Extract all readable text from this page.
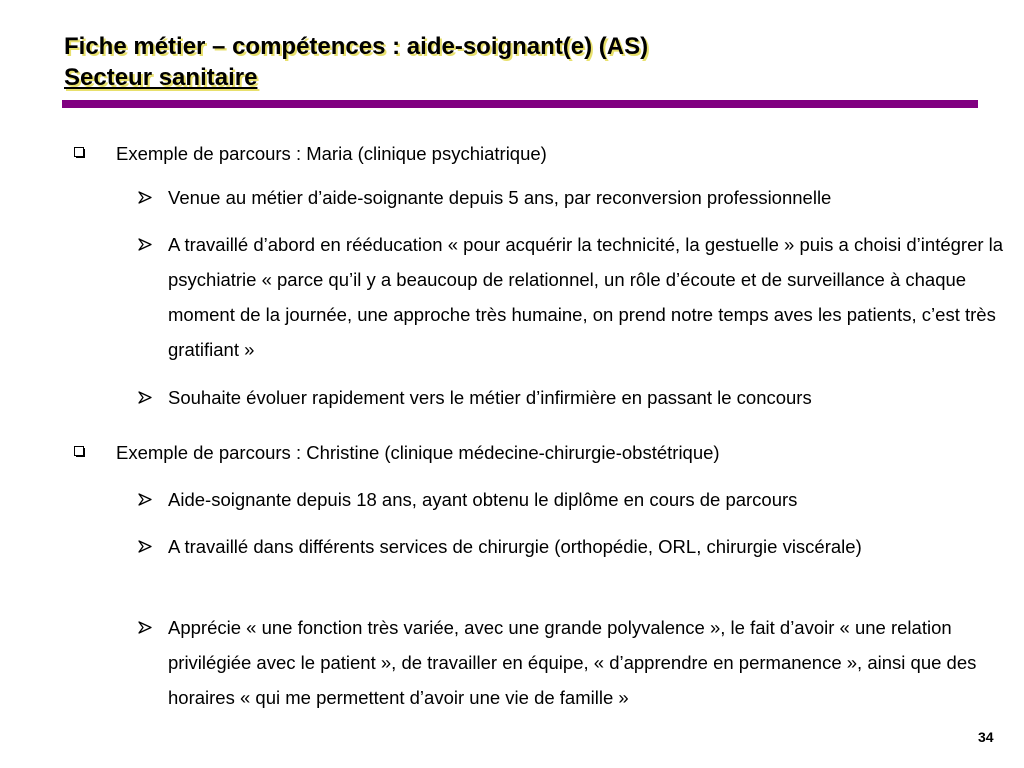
Fiche métier – compétences : aide-soignant(e) (AS)
Secteur sanitaire
Exemple de parcours : Maria (clinique psychiatrique)
Venue au métier d’aide-soignante depuis 5 ans, par reconversion professionnelle
A travaillé d’abord en rééducation « pour acquérir la technicité, la gestuelle » puis a choisi d’intégrer la psychiatrie « parce qu’il y a beaucoup de relationnel, un rôle d’écoute et de surveillance à chaque moment de la journée, une approche très humaine, on prend notre temps aves les patients, c’est très gratifiant »
Souhaite évoluer rapidement vers le métier d’infirmière en passant le concours
Exemple de parcours : Christine (clinique médecine-chirurgie-obstétrique)
Aide-soignante depuis 18 ans, ayant obtenu le diplôme en cours de parcours
A travaillé dans différents services de chirurgie (orthopédie, ORL, chirurgie viscérale)
Apprécie « une fonction très variée, avec une grande polyvalence », le fait d’avoir « une relation privilégiée avec le patient », de travailler en équipe, « d’apprendre en permanence », ainsi que des horaires « qui me permettent d’avoir une vie de famille »
34
